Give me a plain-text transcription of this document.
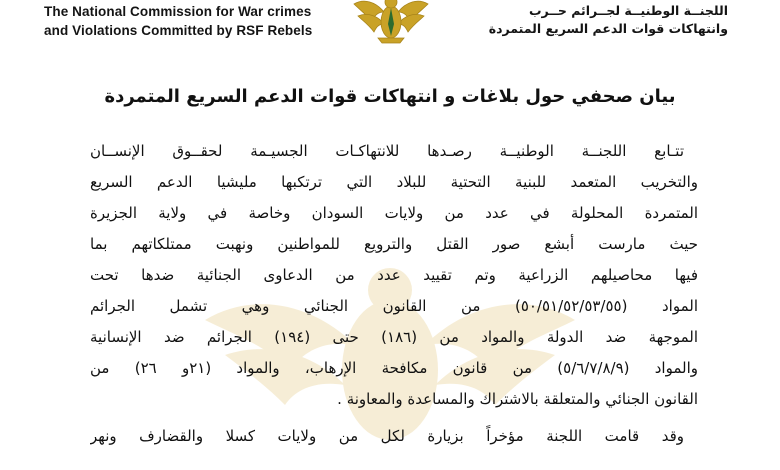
The National Commission for War crimes
and Violations Committed by RSF Rebels
اللجنــة الوطنيــة لجــرائم حــرب
وانتهاكات قوات الدعم السريع المتمردة
بيان صحفي حول بلاغات و انتهاكات قوات الدعم السريع المتمردة
تتـابع اللجنــة الوطنيــة رصـدها للانتهاكـات الجسيـمة لحقــوق الإنســان
والتخريب المتعمد للبنية التحتية للبلاد التي ترتكبها مليشيا الدعم السريع
المتمردة المحلولة في عدد من ولايات السودان وخاصة في ولاية الجزيرة
حيث مارست أبشع صور القتل والترويع للمواطنين ونهبت ممتلكاتهم بما
فيها محاصيلهم الزراعية وتم تقييد عدد من الدعاوى الجنائية ضدها تحت
المواد (٥٠/٥١/٥٢/٥٣/٥٥) من القانون الجنائي وهي تشمل الجرائم
الموجهة ضد الدولة والمواد من (١٨٦) حتى (١٩٤) الجرائم ضد الإنسانية
والمواد (٥/٦/٧/٨/٩) من قانون مكافحة الإرهاب، والمواد (٢١و ٢٦) من
القانون الجنائي والمتعلقة بالاشتراك والمساعدة والمعاونة .
وقد قامت اللجنة مؤخراً بزيارة لكل من ولايات كسلا والقضارف ونهر
